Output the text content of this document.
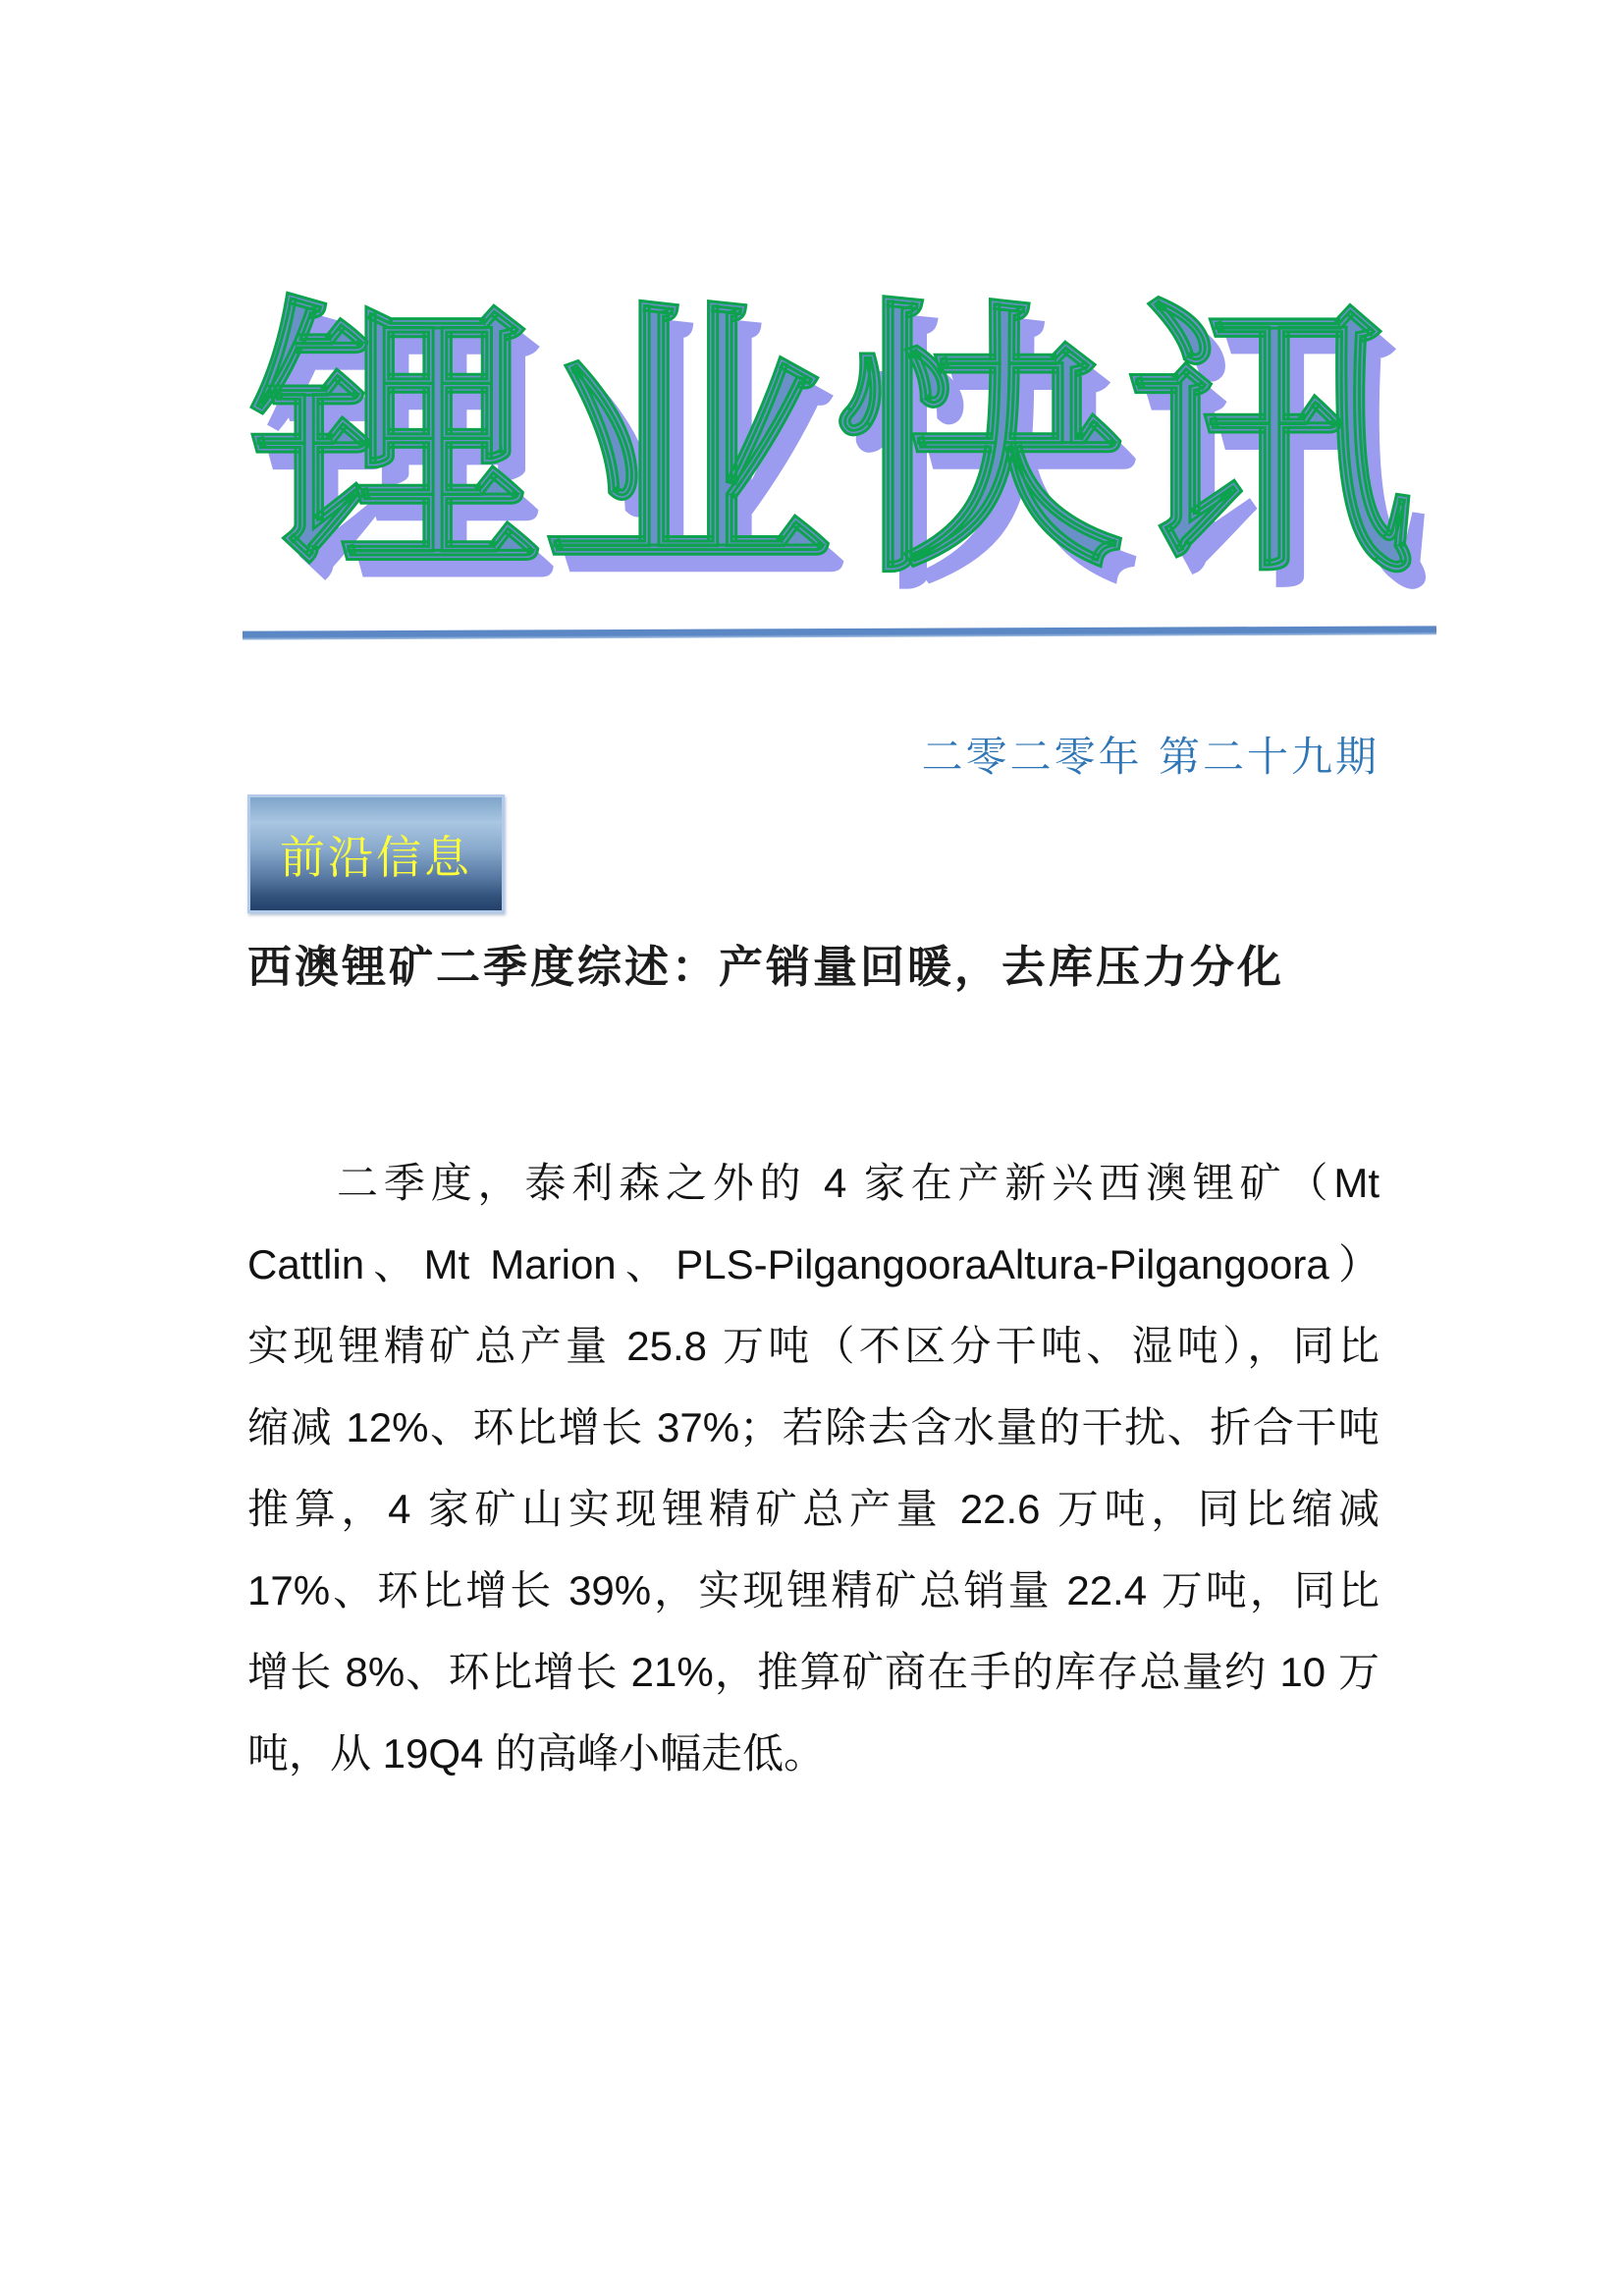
锂业快讯
二零二零年 第二十九期
前沿信息
西澳锂矿二季度综述：产销量回暖，去库压力分化
二季度，泰利森之外的 4 家在产新兴西澳锂矿（Mt
Cattlin、Mt Marion、PLS-PilgangooraAltura-Pilgangoora）
实现锂精矿总产量 25.8 万吨（不区分干吨、湿吨），同比
缩减 12%、环比增长 37%；若除去含水量的干扰、折合干吨
推算，4 家矿山实现锂精矿总产量 22.6 万吨，同比缩减
17%、环比增长 39%，实现锂精矿总销量 22.4 万吨，同比
增长 8%、环比增长 21%，推算矿商在手的库存总量约 10 万
吨，从 19Q4 的高峰小幅走低。
